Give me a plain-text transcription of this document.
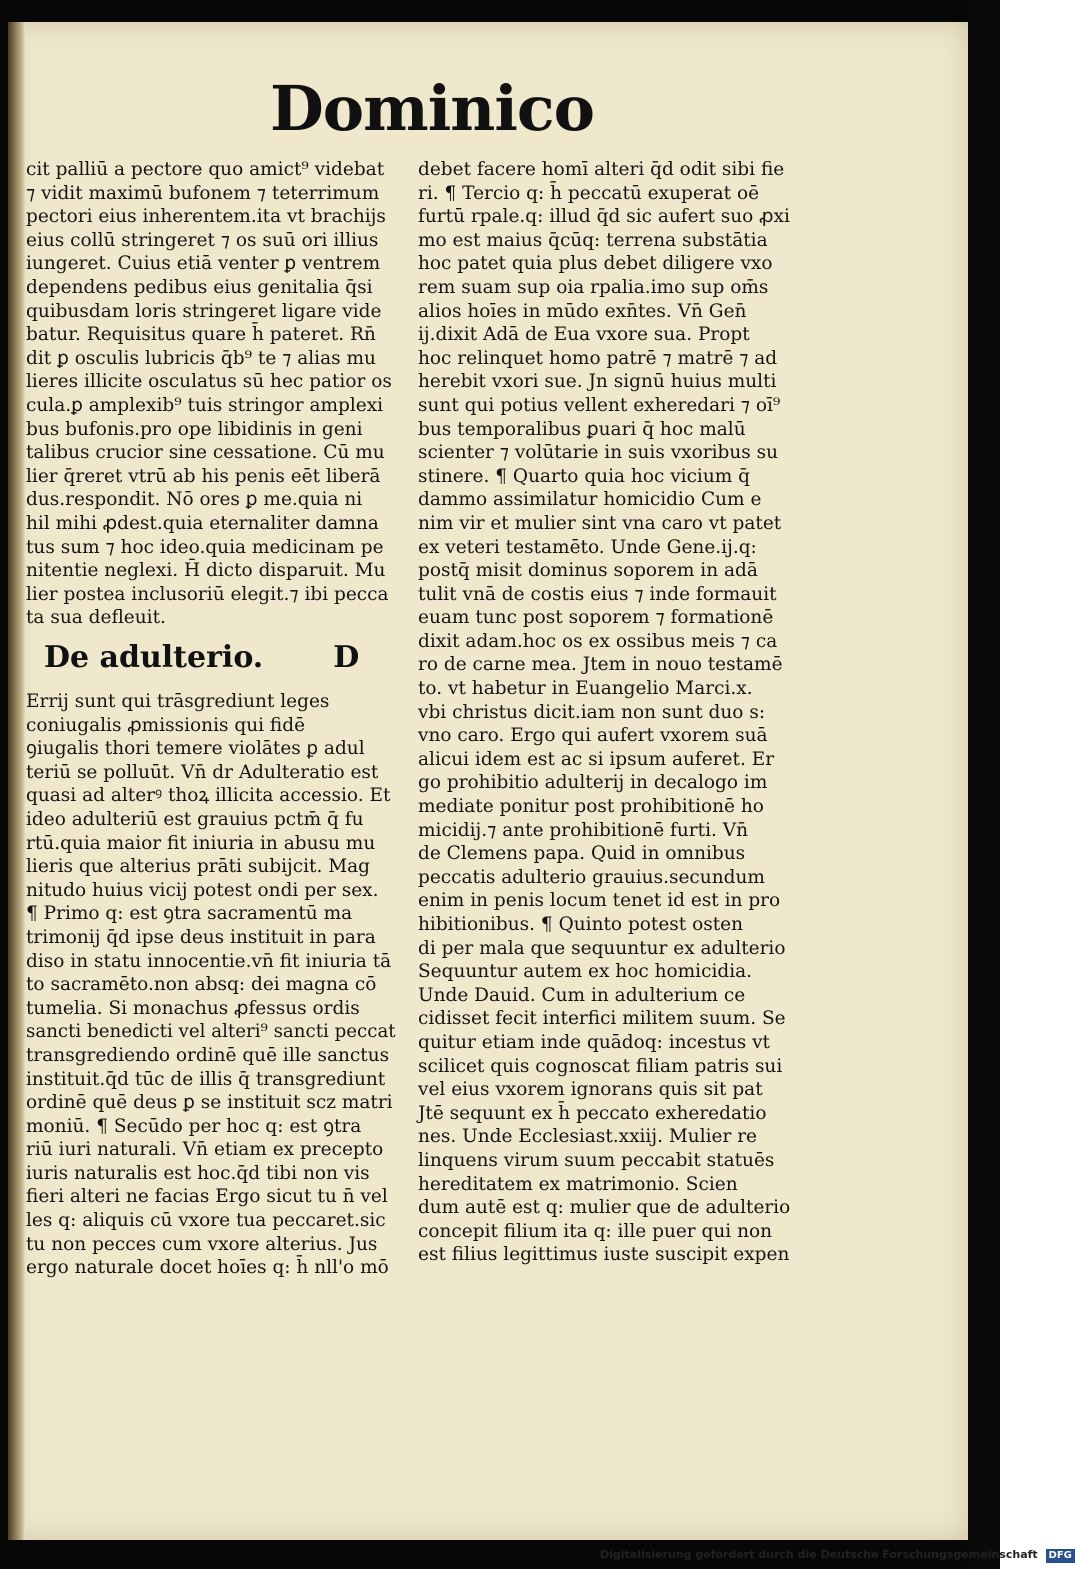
Dominico
cit palliū a pectore quo amict⁹ videbat
⁊ vidit maximū bufonem ⁊ teterrimum
pectori eius inherentem.ita vt brachijs
eius collū stringeret ⁊ os suū ori illius
iungeret. Cuius etiā venter ꝑ ventrem
dependens pedibus eius genitalia q̄si
quibusdam loris stringeret ligare vide
batur. Requisitus quare h̄ pateret. Rn̄
dit ꝑ osculis lubricis q̄b⁹ te ⁊ alias mu
lieres illicite osculatus sū hec patior os
cula.ꝑ amplexib⁹ tuis stringor amplexi
bus bufonis.pro ope libidinis in geni
talibus crucior sine cessatione. Cū mu
lier q̄reret vtrū ab his penis eēt liberā
dus.respondit. Nō ores ꝑ me.quia ni
hil mihi ꝓdest.quia eternaliter damna
tus sum ⁊ hoc ideo.quia medicinam pe
nitentie neglexi. H̄ dicto disparuit. Mu
lier postea inclusoriū elegit.⁊ ibi pecca
ta sua defleuit.
De adulterio. D
Errij sunt qui trāsgrediunt leges
coniugalis ꝓmissionis qui fidē
ꝯiugalis thori temere violātes ꝑ adul
teriū se polluūt. Vn̄ dr Adulteratio est
quasi ad alterꝰ thoꝝ illicita accessio. Et
ideo adulteriū est grauius pctm̄ q̄ fu
rtū.quia maior fit iniuria in abusu mu
lieris que alterius prāti subijcit. Mag
nitudo huius vicij potest ondi per sex.
¶ Primo q: est ꝯtra sacramentū ma
trimonij q̄d ipse deus instituit in para
diso in statu innocentie.vn̄ fit iniuria tā
to sacramēto.non absq: dei magna cō
tumelia. Si monachus ꝓfessus ordis
sancti benedicti vel alteri⁹ sancti peccat
transgrediendo ordinē quē ille sanctus
instituit.q̄d tūc de illis q̄ transgrediunt
ordinē quē deus ꝑ se instituit scz matri
moniū. ¶ Secūdo per hoc q: est ꝯtra
riū iuri naturali. Vn̄ etiam ex precepto
iuris naturalis est hoc.q̄d tibi non vis
fieri alteri ne facias Ergo sicut tu n̄ vel
les q: aliquis cū vxore tua peccaret.sic
tu non pecces cum vxore alterius. Jus
ergo naturale docet hoīes q: h̄ nll'o mō
debet facere homī alteri q̄d odit sibi fie
ri. ¶ Tercio q: h̄ peccatū exuperat oē
furtū rpale.q: illud q̄d sic aufert suo ꝓxi
mo est maius q̄cūq: terrena substātia
hoc patet quia plus debet diligere vxo
rem suam sup oia rpalia.imo sup om̄s
alios hoīes in mūdo exn̄tes. Vn̄ Gen̄
ij.dixit Adā de Eua vxore sua. Propt
hoc relinquet homo patrē ⁊ matrē ⁊ ad
herebit vxori sue. Jn signū huius multi
sunt qui potius vellent exheredari ⁊ oī⁹
bus temporalibus ꝑuari q̄ hoc malū
scienter ⁊ volūtarie in suis vxoribus su
stinere. ¶ Quarto quia hoc vicium q̄
dammo assimilatur homicidio Cum e
nim vir et mulier sint vna caro vt patet
ex veteri testamēto. Unde Gene.ij.q:
postq̄ misit dominus soporem in adā
tulit vnā de costis eius ⁊ inde formauit
euam tunc post soporem ⁊ formationē
dixit adam.hoc os ex ossibus meis ⁊ ca
ro de carne mea. Jtem in nouo testamē
to. vt habetur in Euangelio Marci.x.
vbi christus dicit.iam non sunt duo s:
vno caro. Ergo qui aufert vxorem suā
alicui idem est ac si ipsum auferet. Er
go prohibitio adulterij in decalogo im
mediate ponitur post prohibitionē ho
micidij.⁊ ante prohibitionē furti. Vn̄
de Clemens papa. Quid in omnibus
peccatis adulterio grauius.secundum
enim in penis locum tenet id est in pro
hibitionibus. ¶ Quinto potest osten
di per mala que sequuntur ex adulterio
Sequuntur autem ex hoc homicidia.
Unde Dauid. Cum in adulterium ce
cidisset fecit interfici militem suum. Se
quitur etiam inde quādoq: incestus vt
scilicet quis cognoscat filiam patris sui
vel eius vxorem ignorans quis sit pat
Jtē sequunt ex h̄ peccato exheredatio
nes. Unde Ecclesiast.xxiij. Mulier re
linquens virum suum peccabit statuēs
hereditatem ex matrimonio. Scien
dum autē est q: mulier que de adulterio
concepit filium ita q: ille puer qui non
est filius legittimus iuste suscipit expen
Digitalisierung gefördert durch die Deutsche Forschungsgemeinschaft DFG
